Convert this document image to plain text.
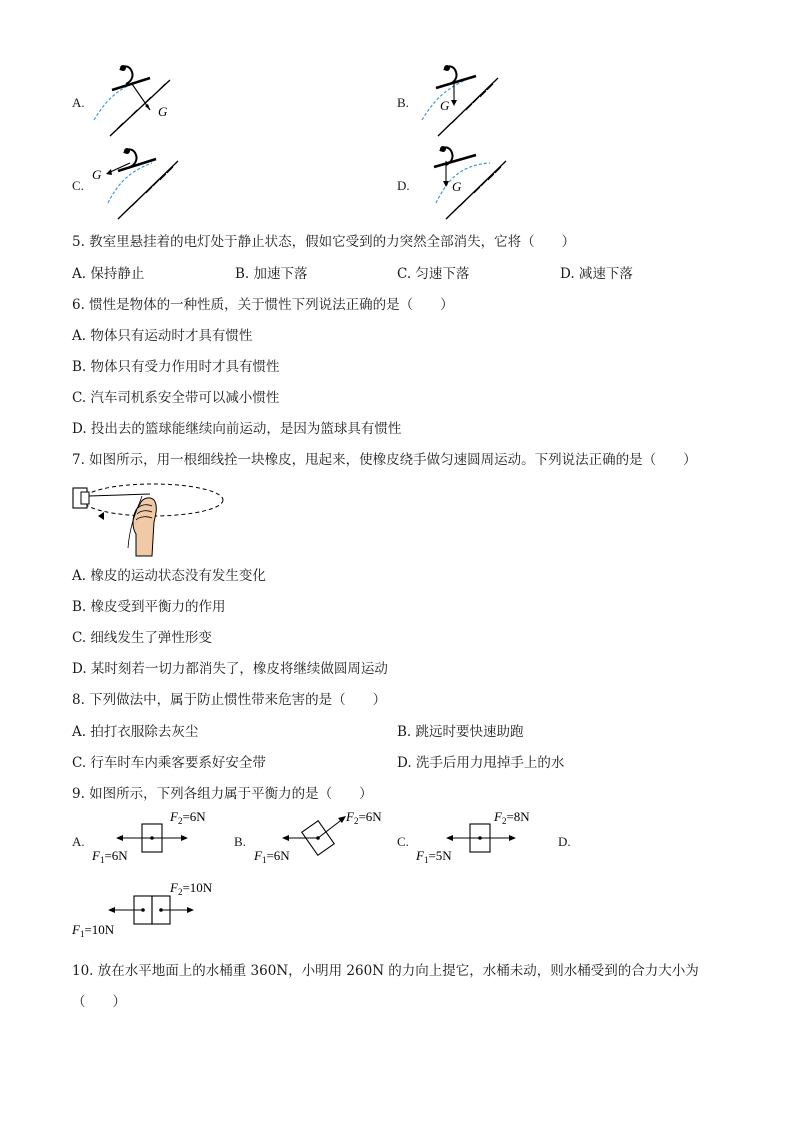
A.
G
B. G
C.
G
D.	G
5. 教室里悬挂着的电灯处于静止状态，假如它受到的力突然全部消失，它将（　　）
A. 保持静止	B. 加速下落	C. 匀速下落	D. 减速下落
6. 惯性是物体的一种性质，关于惯性下列说法正确的是（　　）
A. 物体只有运动时才具有惯性
B. 物体只有受力作用时才具有惯性
C. 汽车司机系安全带可以减小惯性
D. 投出去的篮球能继续向前运动，是因为篮球具有惯性
7. 如图所示，用一根细线拴一块橡皮，甩起来，使橡皮绕手做匀速圆周运动。下列说法正确的是（　　）
A. 橡皮的运动状态没有发生变化
B. 橡皮受到平衡力的作用
C. 细线发生了弹性形变
D. 某时刻若一切力都消失了，橡皮将继续做圆周运动
8. 下列做法中，属于防止惯性带来危害的是（　　）
A. 拍打衣服除去灰尘	B. 跳远时要快速助跑
C. 行车时车内乘客要系好安全带	D. 洗手后用力甩掉手上的水
9. 如图所示，下列各组力属于平衡力的是（　　）
A.
$F_2=6N$
$F_1=6N$
B.
$F_2=6N$
$F_1=6N$
C.
$F_2=8N$
$F_1=5N$
D.
$F_2=10N$
$F_1=10N$
10. 放在水平地面上的水桶重 360N，小明用 260N 的力向上提它，水桶未动，则水桶受到的合力大小为
（　　）
